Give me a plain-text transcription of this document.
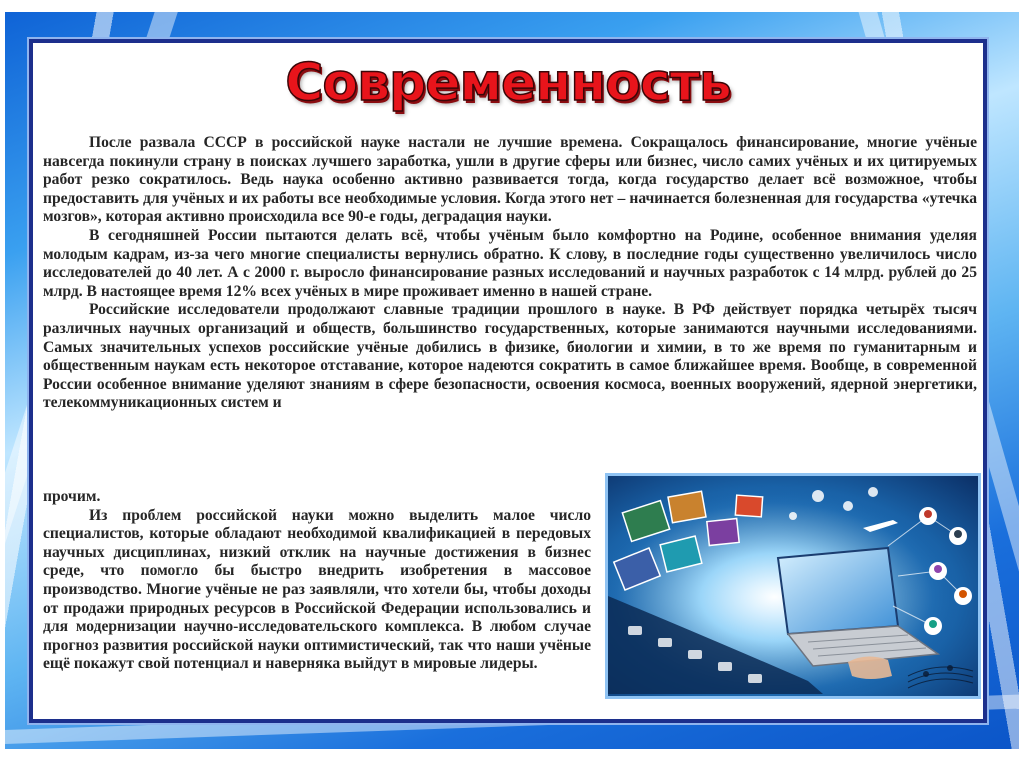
Современность

После развала СССР в российской науке настали не лучшие времена. Сокращалось финансирование, многие учёные навсегда покинули страну в поисках лучшего заработка, ушли в другие сферы или бизнес, число самих учёных и их цитируемых работ резко сократилось. Ведь наука особенно активно развивается тогда, когда государство делает всё возможное, чтобы предоставить для учёных и их работы все необходимые условия. Когда этого нет – начинается болезненная для государства «утечка мозгов», которая активно происходила все 90-е годы, деградация науки.

В сегодняшней России пытаются делать всё, чтобы учёным было комфортно на Родине, особенное внимания уделяя молодым кадрам, из-за чего многие специалисты вернулись обратно. К слову, в последние годы существенно увеличилось число исследователей до 40 лет. А с 2000 г. выросло финансирование разных исследований и научных разработок с 14 млрд. рублей до 25 млрд. В настоящее время 12% всех учёных в мире проживает именно в нашей стране.

Российские исследователи продолжают славные традиции прошлого в науке. В РФ действует порядка четырёх тысяч различных научных организаций и обществ, большинство государственных, которые занимаются научными исследованиями. Самых значительных успехов российские учёные добились в физике, биологии и химии, в то же время по гуманитарным и общественным наукам есть некоторое отставание, которое надеются сократить в самое ближайшее время. Вообще, в современной России особенное внимание уделяют знаниям в сфере безопасности, освоения космоса, военных вооружений, ядерной энергетики, телекоммуникационных систем и

прочим.

Из проблем российской науки можно выделить малое число специалистов, которые обладают необходимой квалификацией в передовых научных дисциплинах, низкий отклик на научные достижения в бизнес среде, что помогло бы быстро внедрить изобретения в массовое производство. Многие учёные не раз заявляли, что хотели бы, чтобы доходы от продажи природных ресурсов в Российской Федерации использовались и для модернизации научно-исследовательского комплекса. В любом случае прогноз развития российской науки оптимистический, так что наши учёные ещё покажут свой потенциал и наверняка выйдут в мировые лидеры.
